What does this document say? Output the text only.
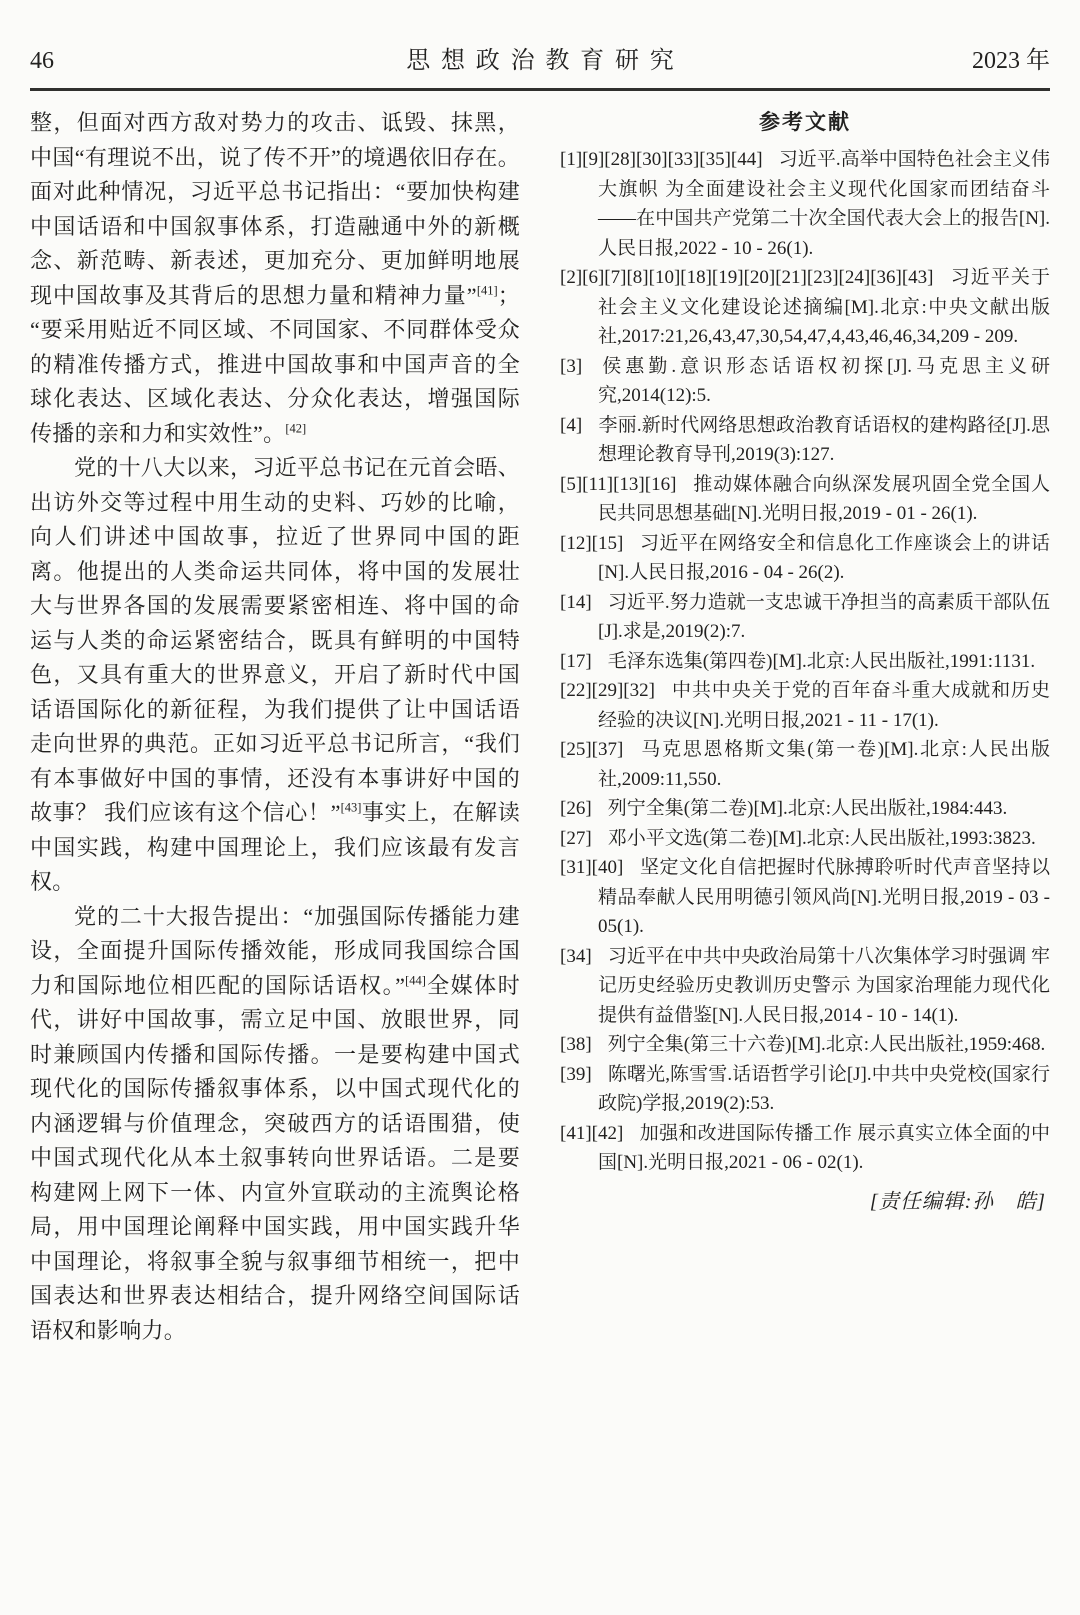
46	思想政治教育研究	2023 年

整，但面对西方敌对势力的攻击、诋毁、抹黑，中国“有理说不出，说了传不开”的境遇依旧存在。面对此种情况，习近平总书记指出：“要加快构建中国话语和中国叙事体系，打造融通中外的新概念、新范畴、新表述，更加充分、更加鲜明地展现中国故事及其背后的思想力量和精神力量”[41]；“要采用贴近不同区域、不同国家、不同群体受众的精准传播方式，推进中国故事和中国声音的全球化表达、区域化表达、分众化表达，增强国际传播的亲和力和实效性”。[42]

党的十八大以来，习近平总书记在元首会晤、出访外交等过程中用生动的史料、巧妙的比喻，向人们讲述中国故事，拉近了世界同中国的距离。他提出的人类命运共同体，将中国的发展壮大与世界各国的发展需要紧密相连、将中国的命运与人类的命运紧密结合，既具有鲜明的中国特色，又具有重大的世界意义，开启了新时代中国话语国际化的新征程，为我们提供了让中国话语走向世界的典范。正如习近平总书记所言，“我们有本事做好中国的事情，还没有本事讲好中国的故事？ 我们应该有这个信心！”[43]事实上，在解读中国实践，构建中国理论上，我们应该最有发言权。

党的二十大报告提出：“加强国际传播能力建设，全面提升国际传播效能，形成同我国综合国力和国际地位相匹配的国际话语权。”[44]全媒体时代，讲好中国故事，需立足中国、放眼世界，同时兼顾国内传播和国际传播。一是要构建中国式现代化的国际传播叙事体系，以中国式现代化的内涵逻辑与价值理念，突破西方的话语围猎，使中国式现代化从本土叙事转向世界话语。二是要构建网上网下一体、内宣外宣联动的主流舆论格局，用中国理论阐释中国实践，用中国实践升华中国理论，将叙事全貌与叙事细节相统一，把中国表达和世界表达相结合，提升网络空间国际话语权和影响力。

参考文献
[1][9][28][30][33][35][44] 习近平.高举中国特色社会主义伟大旗帜 为全面建设社会主义现代化国家而团结奋斗——在中国共产党第二十次全国代表大会上的报告[N].人民日报,2022 - 10 - 26(1).
[2][6][7][8][10][18][19][20][21][23][24][36][43] 习近平关于社会主义文化建设论述摘编[M].北京:中央文献出版社,2017:21,26,43,47,30,54,47,4,43,46,46,34,209 - 209.
[3] 侯惠勤.意识形态话语权初探[J].马克思主义研究,2014(12):5.
[4] 李丽.新时代网络思想政治教育话语权的建构路径[J].思想理论教育导刊,2019(3):127.
[5][11][13][16] 推动媒体融合向纵深发展巩固全党全国人民共同思想基础[N].光明日报,2019 - 01 - 26(1).
[12][15] 习近平在网络安全和信息化工作座谈会上的讲话[N].人民日报,2016 - 04 - 26(2).
[14] 习近平.努力造就一支忠诚干净担当的高素质干部队伍[J].求是,2019(2):7.
[17] 毛泽东选集(第四卷)[M].北京:人民出版社,1991:1131.
[22][29][32] 中共中央关于党的百年奋斗重大成就和历史经验的决议[N].光明日报,2021 - 11 - 17(1).
[25][37] 马克思恩格斯文集(第一卷)[M].北京:人民出版社,2009:11,550.
[26] 列宁全集(第二卷)[M].北京:人民出版社,1984:443.
[27] 邓小平文选(第二卷)[M].北京:人民出版社,1993:3823.
[31][40] 坚定文化自信把握时代脉搏聆听时代声音坚持以精品奉献人民用明德引领风尚[N].光明日报,2019 - 03 - 05(1).
[34] 习近平在中共中央政治局第十八次集体学习时强调 牢记历史经验历史教训历史警示 为国家治理能力现代化提供有益借鉴[N].人民日报,2014 - 10 - 14(1).
[38] 列宁全集(第三十六卷)[M].北京:人民出版社,1959:468.
[39] 陈曙光,陈雪雪.话语哲学引论[J].中共中央党校(国家行政院)学报,2019(2):53.
[41][42] 加强和改进国际传播工作 展示真实立体全面的中国[N].光明日报,2021 - 06 - 02(1).
[责任编辑:孙　皓]
